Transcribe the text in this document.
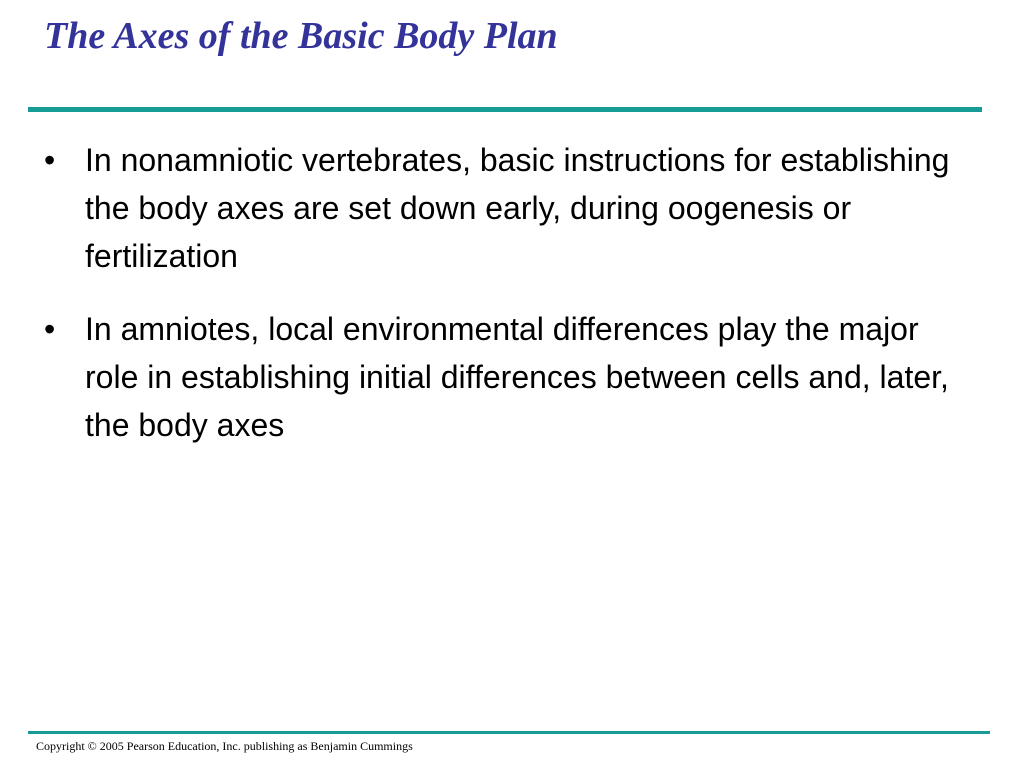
The Axes of the Basic Body Plan
• In nonamniotic vertebrates, basic instructions for establishing the body axes are set down early, during oogenesis or fertilization
• In amniotes, local environmental differences play the major role in establishing initial differences between cells and, later, the body axes

Copyright © 2005 Pearson Education, Inc. publishing as Benjamin Cummings
